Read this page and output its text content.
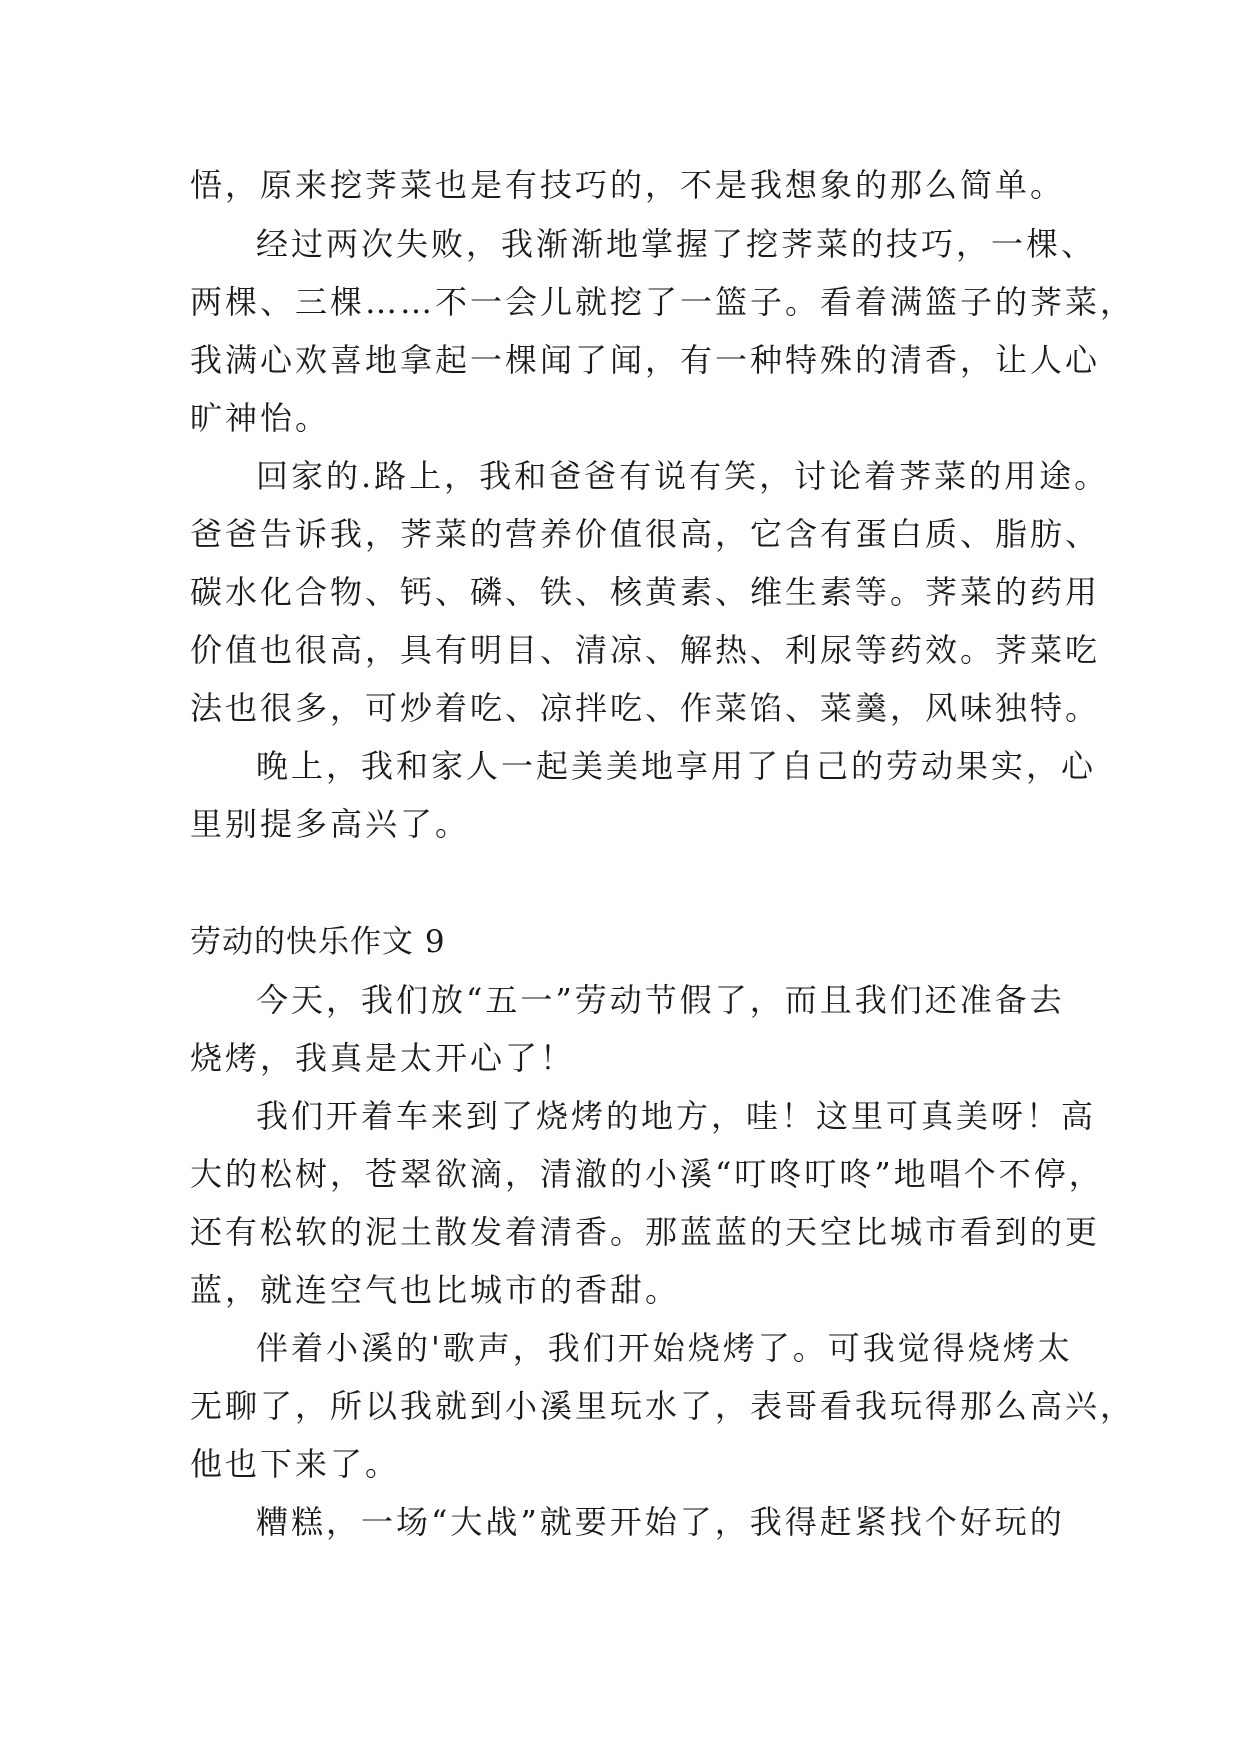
悟，原来挖荠菜也是有技巧的，不是我想象的那么简单。
经过两次失败，我渐渐地掌握了挖荠菜的技巧，一棵、
两棵、三棵……不一会儿就挖了一篮子。看着满篮子的荠菜，
我满心欢喜地拿起一棵闻了闻，有一种特殊的清香，让人心
旷神怡。
回家的.路上，我和爸爸有说有笑，讨论着荠菜的用途。
爸爸告诉我，荠菜的营养价值很高，它含有蛋白质、脂肪、
碳水化合物、钙、磷、铁、核黄素、维生素等。荠菜的药用
价值也很高，具有明目、清凉、解热、利尿等药效。荠菜吃
法也很多，可炒着吃、凉拌吃、作菜馅、菜羹，风味独特。
晚上，我和家人一起美美地享用了自己的劳动果实，心
里别提多高兴了。
劳动的快乐作文 9
今天，我们放“五一”劳动节假了，而且我们还准备去
烧烤，我真是太开心了！
我们开着车来到了烧烤的地方，哇！这里可真美呀！高
大的松树，苍翠欲滴，清澈的小溪“叮咚叮咚”地唱个不停，
还有松软的泥土散发着清香。那蓝蓝的天空比城市看到的更
蓝，就连空气也比城市的香甜。
伴着小溪的'歌声，我们开始烧烤了。可我觉得烧烤太
无聊了，所以我就到小溪里玩水了，表哥看我玩得那么高兴，
他也下来了。
糟糕，一场“大战”就要开始了，我得赶紧找个好玩的
